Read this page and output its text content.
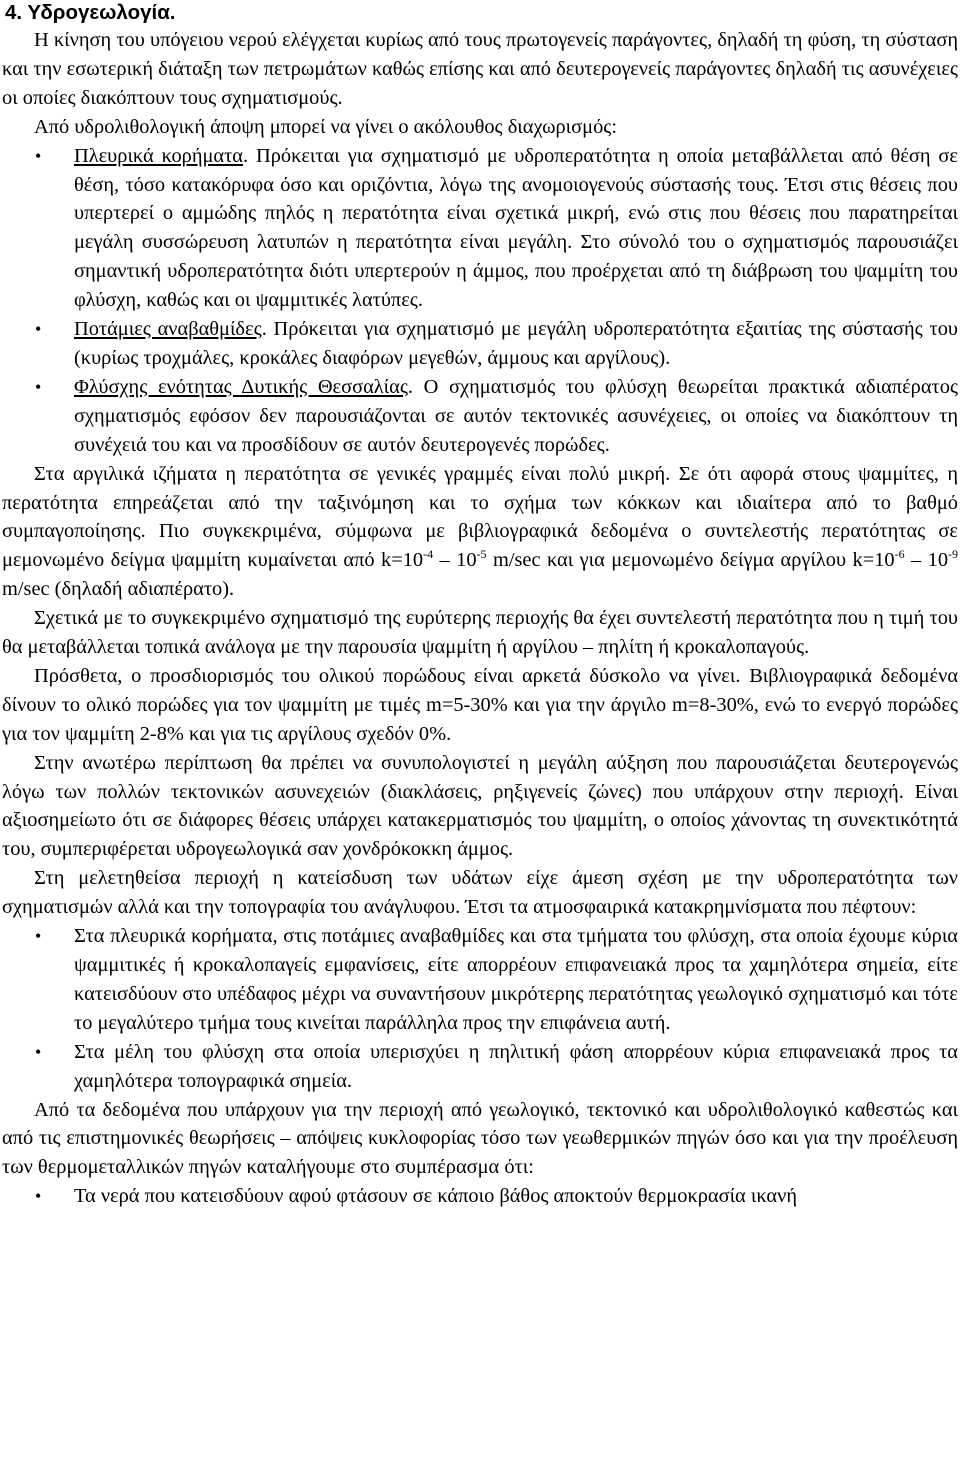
4. Υδρογεωλογία.

Η κίνηση του υπόγειου νερού ελέγχεται κυρίως από τους πρωτογενείς παράγοντες, δηλαδή τη φύση, τη σύσταση και την εσωτερική διάταξη των πετρωμάτων καθώς επίσης και από δευτερογενείς παράγοντες δηλαδή τις ασυνέχειες οι οποίες διακόπτουν τους σχηματισμούς.

Από υδρολιθολογική άποψη μπορεί να γίνει ο ακόλουθος διαχωρισμός:

• Πλευρικά κορήματα. Πρόκειται για σχηματισμό με υδροπερατότητα η οποία μεταβάλλεται από θέση σε θέση, τόσο κατακόρυφα όσο και οριζόντια, λόγω της ανομοιογενούς σύστασής τους. Έτσι στις θέσεις που υπερτερεί ο αμμώδης πηλός η περατότητα είναι σχετικά μικρή, ενώ στις που θέσεις που παρατηρείται μεγάλη συσσώρευση λατυπών η περατότητα είναι μεγάλη. Στο σύνολό του ο σχηματισμός παρουσιάζει σημαντική υδροπερατότητα διότι υπερτερούν η άμμος, που προέρχεται από τη διάβρωση του ψαμμίτη του φλύσχη, καθώς και οι ψαμμιτικές λατύπες.
• Ποτάμιες αναβαθμίδες. Πρόκειται για σχηματισμό με μεγάλη υδροπερατότητα εξαιτίας της σύστασής του (κυρίως τροχμάλες, κροκάλες διαφόρων μεγεθών, άμμους και αργίλους).
• Φλύσχης ενότητας Δυτικής Θεσσαλίας. Ο σχηματισμός του φλύσχη θεωρείται πρακτικά αδιαπέρατος σχηματισμός εφόσον δεν παρουσιάζονται σε αυτόν τεκτονικές ασυνέχειες, οι οποίες να διακόπτουν τη συνέχειά του και να προσδίδουν σε αυτόν δευτερογενές πορώδες.

Στα αργιλικά ιζήματα η περατότητα σε γενικές γραμμές είναι πολύ μικρή. Σε ότι αφορά στους ψαμμίτες, η περατότητα επηρεάζεται από την ταξινόμηση και το σχήμα των κόκκων και ιδιαίτερα από το βαθμό συμπαγοποίησης. Πιο συγκεκριμένα, σύμφωνα με βιβλιογραφικά δεδομένα ο συντελεστής περατότητας σε μεμονωμένο δείγμα ψαμμίτη κυμαίνεται από $k=10^{-4} - 10^{-5}$ m/sec και για μεμονωμένο δείγμα αργίλου $k=10^{-6} - 10^{-9}$ m/sec (δηλαδή αδιαπέρατο).

Σχετικά με το συγκεκριμένο σχηματισμό της ευρύτερης περιοχής θα έχει συντελεστή περατότητα που η τιμή του θα μεταβάλλεται τοπικά ανάλογα με την παρουσία ψαμμίτη ή αργίλου – πηλίτη ή κροκαλοπαγούς.

Πρόσθετα, ο προσδιορισμός του ολικού πορώδους είναι αρκετά δύσκολο να γίνει. Βιβλιογραφικά δεδομένα δίνουν το ολικό πορώδες για τον ψαμμίτη με τιμές m=5-30% και για την άργιλο m=8-30%, ενώ το ενεργό πορώδες για τον ψαμμίτη 2-8% και για τις αργίλους σχεδόν 0%.

Στην ανωτέρω περίπτωση θα πρέπει να συνυπολογιστεί η μεγάλη αύξηση που παρουσιάζεται δευτερογενώς λόγω των πολλών τεκτονικών ασυνεχειών (διακλάσεις, ρηξιγενείς ζώνες) που υπάρχουν στην περιοχή. Είναι αξιοσημείωτο ότι σε διάφορες θέσεις υπάρχει κατακερματισμός του ψαμμίτη, ο οποίος χάνοντας τη συνεκτικότητά του, συμπεριφέρεται υδρογεωλογικά σαν χονδρόκοκκη άμμος.

Στη μελετηθείσα περιοχή η κατείσδυση των υδάτων είχε άμεση σχέση με την υδροπερατότητα των σχηματισμών αλλά και την τοπογραφία του ανάγλυφου. Έτσι τα ατμοσφαιρικά κατακρημνίσματα που πέφτουν:

• Στα πλευρικά κορήματα, στις ποτάμιες αναβαθμίδες και στα τμήματα του φλύσχη, στα οποία έχουμε κύρια ψαμμιτικές ή κροκαλοπαγείς εμφανίσεις, είτε απορρέουν επιφανειακά προς τα χαμηλότερα σημεία, είτε κατεισδύουν στο υπέδαφος μέχρι να συναντήσουν μικρότερης περατότητας γεωλογικό σχηματισμό και τότε το μεγαλύτερο τμήμα τους κινείται παράλληλα προς την επιφάνεια αυτή.
• Στα μέλη του φλύσχη στα οποία υπερισχύει η πηλιτική φάση απορρέουν κύρια επιφανειακά προς τα χαμηλότερα τοπογραφικά σημεία.

Από τα δεδομένα που υπάρχουν για την περιοχή από γεωλογικό, τεκτονικό και υδρολιθολογικό καθεστώς και από τις επιστημονικές θεωρήσεις – απόψεις κυκλοφορίας τόσο των γεωθερμικών πηγών όσο και για την προέλευση των θερμομεταλλικών πηγών καταλήγουμε στο συμπέρασμα ότι:

• Τα νερά που κατεισδύουν αφού φτάσουν σε κάποιο βάθος αποκτούν θερμοκρασία ικανή
